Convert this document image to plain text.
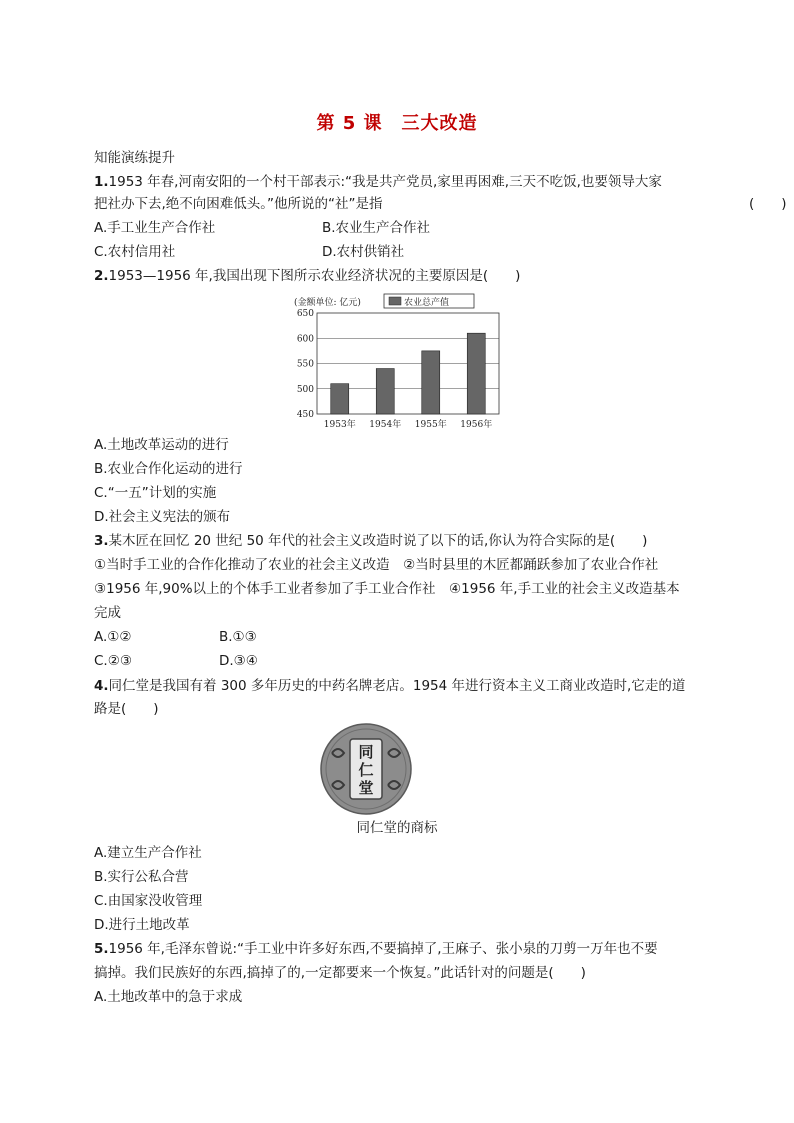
第 5 课　三大改造
知能演练提升
1.1953 年春,河南安阳的一个村干部表示:“我是共产党员,家里再困难,三天不吃饭,也要领导大家
把社办下去,绝不向困难低头。”他所说的“社”是指	(　　)
A.手工业生产合作社	B.农业生产合作社
C.农村信用社	D.农村供销社
2.1953—1956 年,我国出现下图所示农业经济状况的主要原因是(　　)
(金额单位: 亿元)	农业总产值
650
600
550
500
450
1953年 1954年 1955年 1956年
A.土地改革运动的进行
B.农业合作化运动的进行
C.“一五”计划的实施
D.社会主义宪法的颁布
3.某木匠在回忆 20 世纪 50 年代的社会主义改造时说了以下的话,你认为符合实际的是(　　)
①当时手工业的合作化推动了农业的社会主义改造　②当时县里的木匠都踊跃参加了农业合作社
③1956 年,90%以上的个体手工业者参加了手工业合作社　④1956 年,手工业的社会主义改造基本
完成
A.①②	B.①③
C.②③	D.③④
4.同仁堂是我国有着 300 多年历史的中药名牌老店。1954 年进行资本主义工商业改造时,它走的道
路是(　　)
同
仁
堂
同仁堂的商标
A.建立生产合作社
B.实行公私合营
C.由国家没收管理
D.进行土地改革
5.1956 年,毛泽东曾说:“手工业中许多好东西,不要搞掉了,王麻子、张小泉的刀剪一万年也不要
搞掉。我们民族好的东西,搞掉了的,一定都要来一个恢复。”此话针对的问题是(　　)
A.土地改革中的急于求成
